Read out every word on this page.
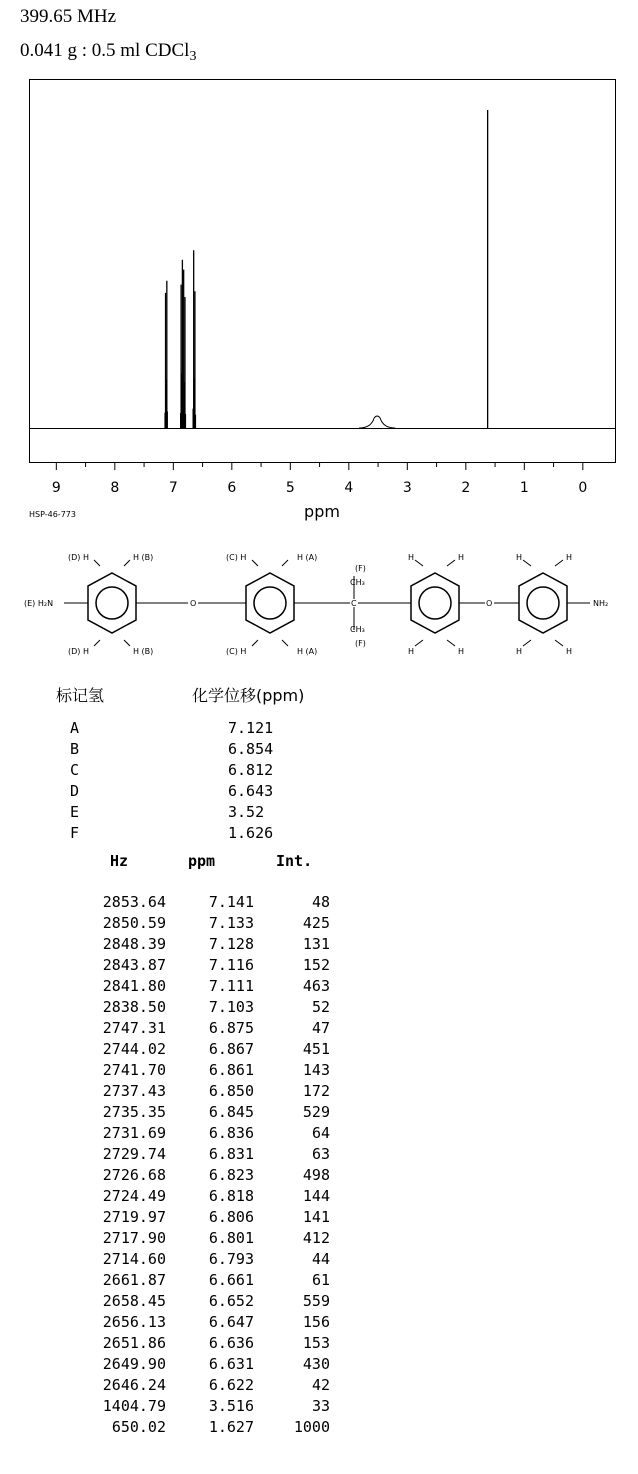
399.65 MHz
0.041 g : 0.5 ml CDCl$_3$
9	8	7	6	5	4	3	2	1	0
ppm
HSP-46-773
(D) H	H (B)
(D) H	H (B)
(C) H	H (A)
(C) H	H (A)
(E) H₂N	O	O
(F)
CH₃
C
CH₃
(F)
H	H
H	H
H	H
H	H
NH₂
标记氢	化学位移(ppm)
A	7.121
B	6.854
C	6.812
D	6.643
E	3.52
F	1.626
Hz	ppm	Int.
2853.64	7.141	48
2850.59	7.133	425
2848.39	7.128	131
2843.87	7.116	152
2841.80	7.111	463
2838.50	7.103	52
2747.31	6.875	47
2744.02	6.867	451
2741.70	6.861	143
2737.43	6.850	172
2735.35	6.845	529
2731.69	6.836	64
2729.74	6.831	63
2726.68	6.823	498
2724.49	6.818	144
2719.97	6.806	141
2717.90	6.801	412
2714.60	6.793	44
2661.87	6.661	61
2658.45	6.652	559
2656.13	6.647	156
2651.86	6.636	153
2649.90	6.631	430
2646.24	6.622	42
1404.79	3.516	33
650.02	1.627	1000
